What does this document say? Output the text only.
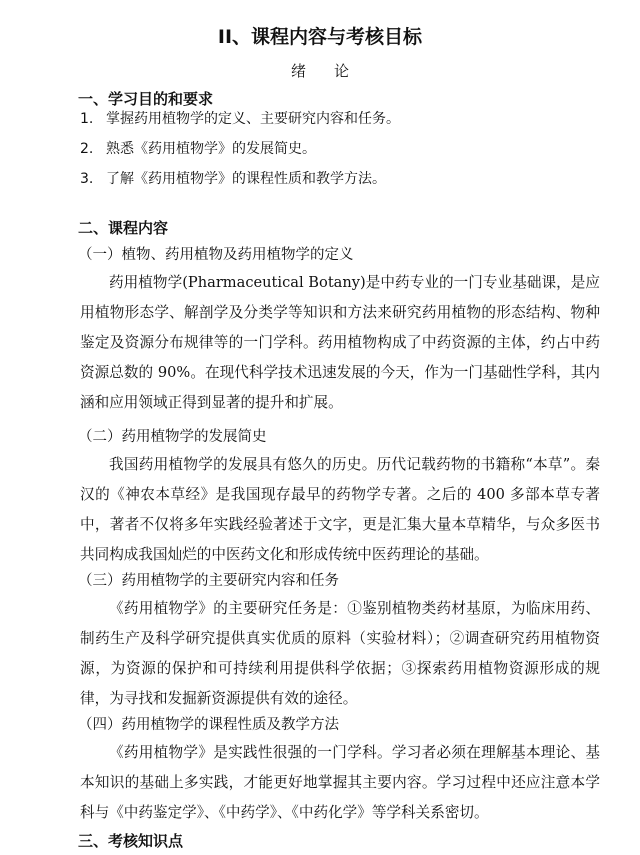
II、课程内容与考核目标
绪论
一、学习目的和要求
1. 掌握药用植物学的定义、主要研究内容和任务。
2. 熟悉《药用植物学》的发展简史。
3. 了解《药用植物学》的课程性质和教学方法。
二、课程内容
（一）植物、药用植物及药用植物学的定义

药用植物学(Pharmaceutical Botany)是中药专业的一门专业基础课，是应用植物形态学、解剖学及分类学等知识和方法来研究药用植物的形态结构、物种鉴定及资源分布规律等的一门学科。药用植物构成了中药资源的主体，约占中药资源总数的 90%。在现代科学技术迅速发展的今天，作为一门基础性学科，其内涵和应用领域正得到显著的提升和扩展。

（二）药用植物学的发展简史

我国药用植物学的发展具有悠久的历史。历代记载药物的书籍称“本草”。秦汉的《神农本草经》是我国现存最早的药物学专著。之后的 400 多部本草专著中，著者不仅将多年实践经验著述于文字，更是汇集大量本草精华，与众多医书共同构成我国灿烂的中医药文化和形成传统中医药理论的基础。

（三）药用植物学的主要研究内容和任务

《药用植物学》的主要研究任务是：①鉴别植物类药材基原，为临床用药、制药生产及科学研究提供真实优质的原料（实验材料）；②调查研究药用植物资源，为资源的保护和可持续利用提供科学依据；③探索药用植物资源形成的规律，为寻找和发掘新资源提供有效的途径。

（四）药用植物学的课程性质及教学方法

《药用植物学》是实践性很强的一门学科。学习者必须在理解基本理论、基本知识的基础上多实践，才能更好地掌握其主要内容。学习过程中还应注意本学科与《中药鉴定学》、《中药学》、《中药化学》等学科关系密切。

三、考核知识点
